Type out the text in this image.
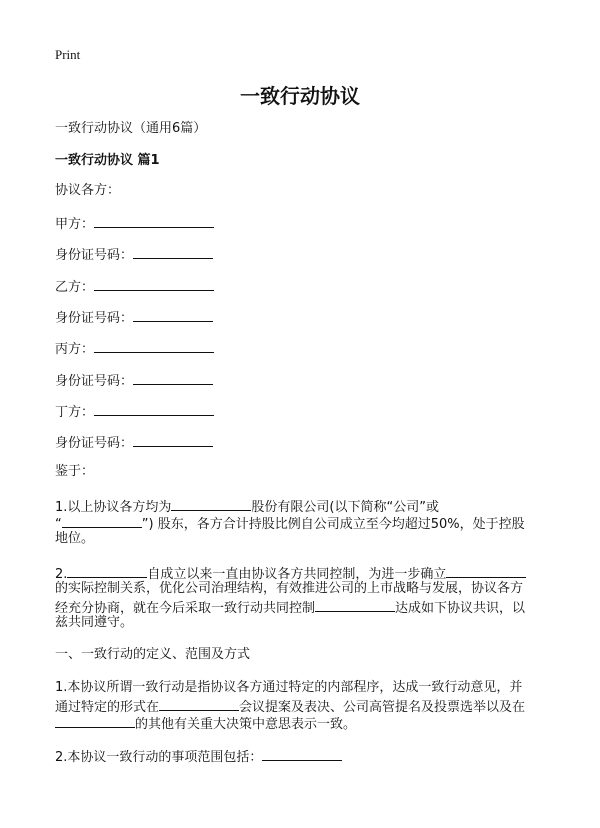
Print
一致行动协议
一致行动协议（通用6篇）
一致行动协议 篇1
协议各方：
甲方：
身份证号码：
乙方：
身份证号码：
丙方：
身份证号码：
丁方：
身份证号码：
鉴于：
1.以上协议各方均为	股份有限公司(以下简称“公司”或
“	”) 股东，各方合计持股比例自公司成立至今均超过50%，处于控股
地位。
2.	自成立以来一直由协议各方共同控制，为进一步确立
的实际控制关系，优化公司治理结构，有效推进公司的上市战略与发展，协议各方
经充分协商，就在今后采取一致行动共同控制	达成如下协议共识，以
兹共同遵守。
一、一致行动的定义、范围及方式
1.本协议所谓一致行动是指协议各方通过特定的内部程序，达成一致行动意见，并
通过特定的形式在	会议提案及表决、公司高管提名及投票选举以及在
的其他有关重大决策中意思表示一致。
2.本协议一致行动的事项范围包括：
